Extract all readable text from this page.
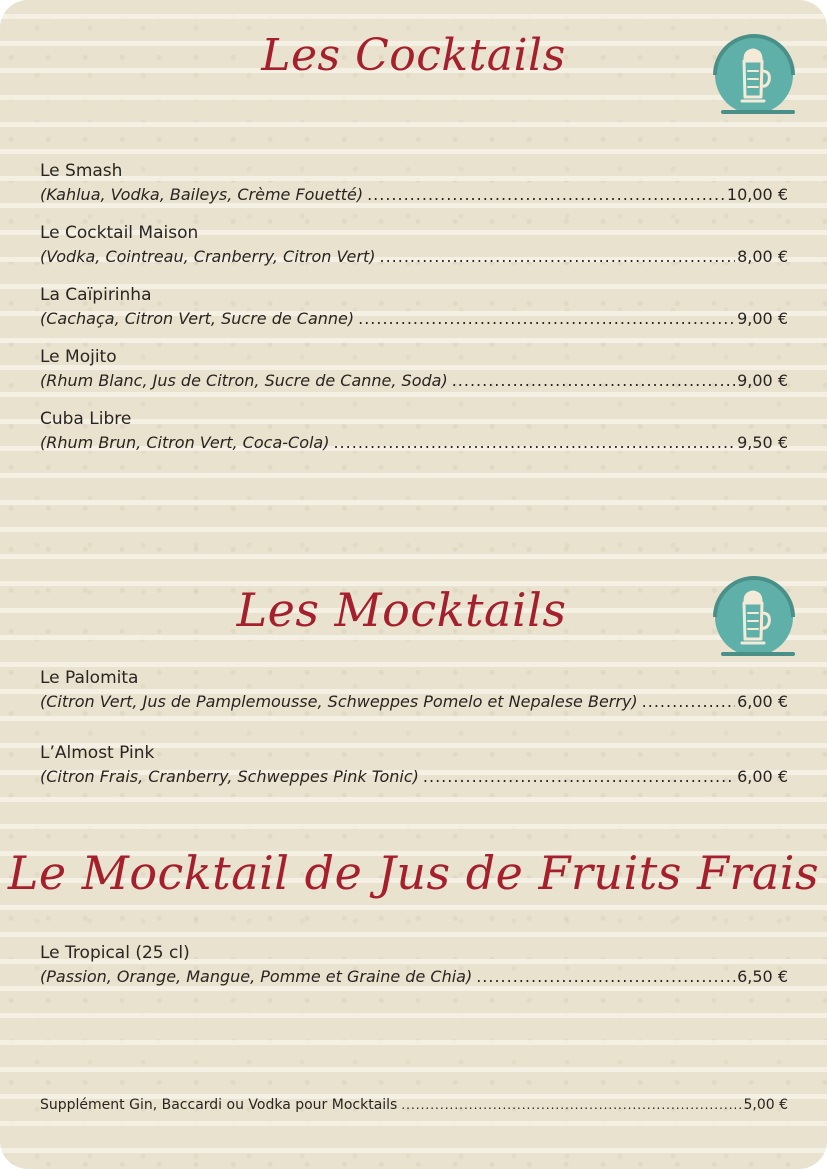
Les Cocktails
Le Smash
(Kahlua, Vodka, Baileys, Crème Fouetté) .....	10,00 €
Le Cocktail Maison
(Vodka, Cointreau, Cranberry, Citron Vert) .....	8,00 €
La Caïpirinha
(Cachaça, Citron Vert, Sucre de Canne) .....	9,00 €
Le Mojito
(Rhum Blanc, Jus de Citron, Sucre de Canne, Soda) .....	9,00 €
Cuba Libre
(Rhum Brun, Citron Vert, Coca-Cola) .....	9,50 €
Les Mocktails
Le Palomita
(Citron Vert, Jus de Pamplemousse, Schweppes Pomelo et Nepalese Berry) .....	6,00 €
L’Almost Pink
(Citron Frais, Cranberry, Schweppes Pink Tonic) .....	6,00 €
Le Mocktail de Jus de Fruits Frais
Le Tropical (25 cl)
(Passion, Orange, Mangue, Pomme et Graine de Chia) .....	6,50 €
Supplément Gin, Baccardi ou Vodka pour Mocktails .....	5,00 €
